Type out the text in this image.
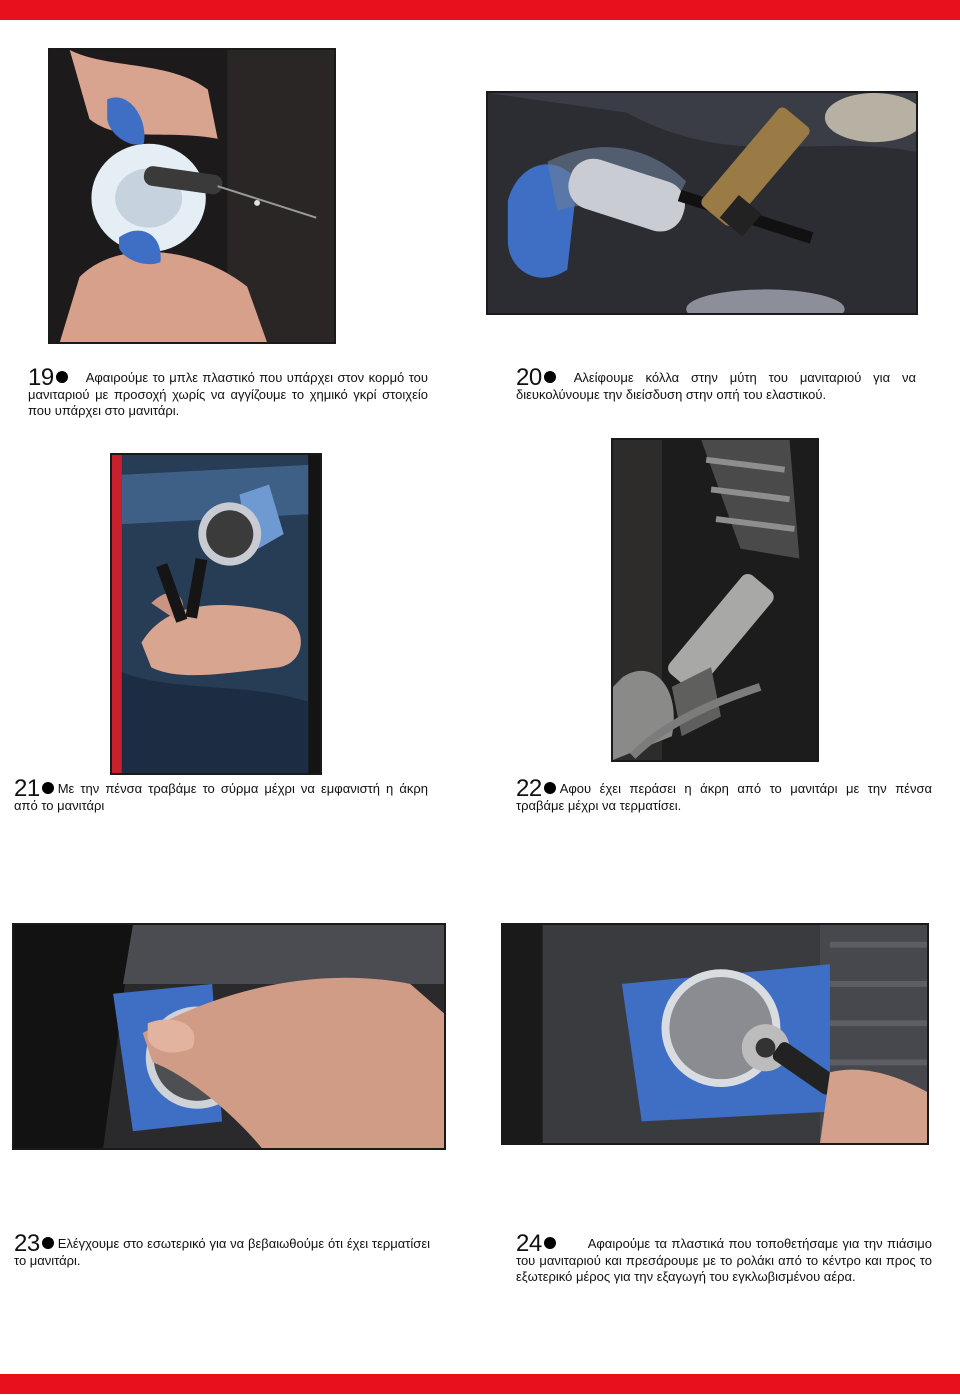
19 Αφαιρούμε το μπλε πλαστικό που υπάρχει στον κορμό του μανιταριού με προσοχή χωρίς να αγγίζουμε το χημικό γκρί στοιχείο που υπάρχει στο μανιτάρι.
20 Αλείφουμε κόλλα στην μύτη του μανιταριού για να διευκολύνουμε την διείσδυση στην οπή του ελαστικού.
21 Με την πένσα τραβάμε το σύρμα μέχρι να εμφανιστή η άκρη από το μανιτάρι
22 Αφου έχει περάσει η άκρη από το μανιτάρι με την πένσα τραβάμε μέχρι να τερματίσει.
23 Ελέγχουμε στο εσωτερικό για να βεβαιωθούμε ότι έχει τερματίσει το μανιτάρι.
24	Αφαιρούμε τα πλαστικά που τοποθετήσαμε για την πιάσιμο του μανιταριού και πρεσάρουμε με το ρολάκι από το κέντρο και προς το εξωτερικό μέρος για την εξαγωγή του εγκλωβισμένου αέρα.
